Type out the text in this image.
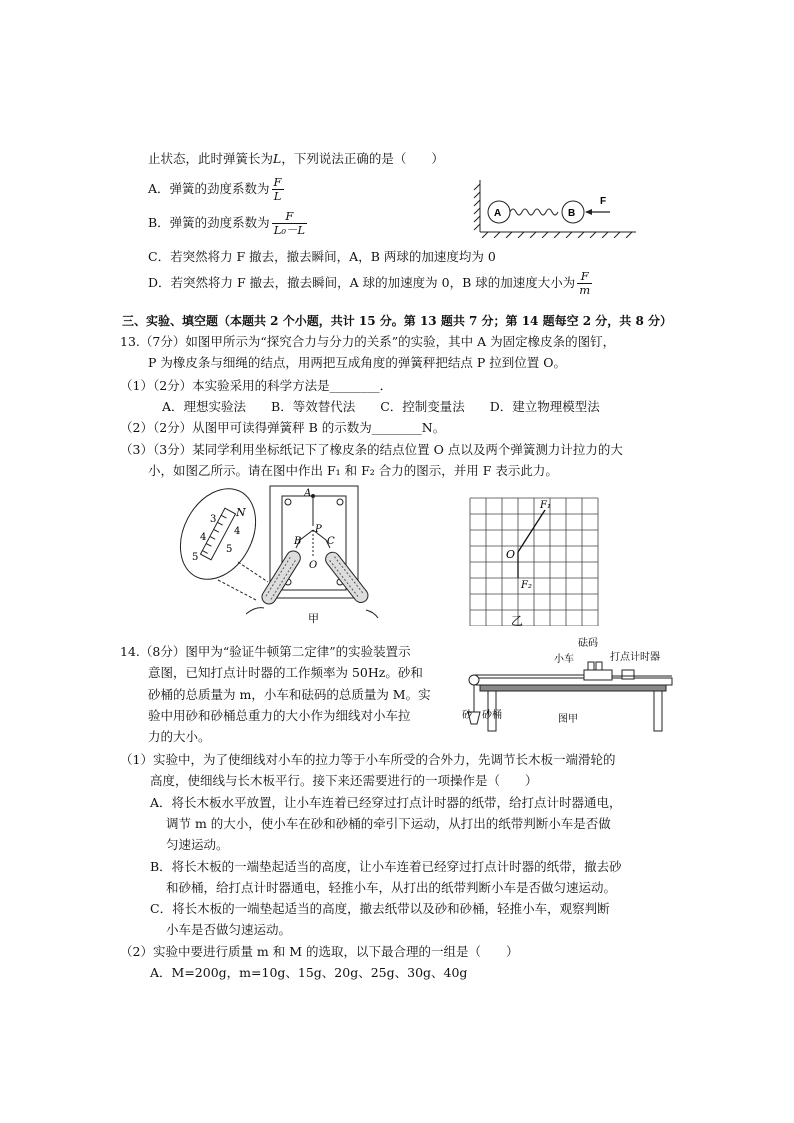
止状态，此时弹簧长为L，下列说法正确的是（　　）
A．弹簧的劲度系数为 $\frac{F}{L}$
B．弹簧的劲度系数为 $\frac{F}{\text{L₀－L}}$
C．若突然将力 F 撤去，撤去瞬间，A，B 两球的加速度均为 0
D．若突然将力 F 撤去，撤去瞬间，A 球的加速度为 0，B 球的加速度大小为 $\frac{F}{m}$
A	B
F
三、实验、填空题（本题共 2 个小题，共计 15 分。第 13 题共 7 分；第 14 题每空 2 分，共 8 分）
13.（7分）如图甲所示为“探究合力与分力的关系”的实验，其中 A 为固定橡皮条的图钉，
P 为橡皮条与细绳的结点，用两把互成角度的弹簧秤把结点 P 拉到位置 O。
（1）（2分）本实验采用的科学方法是________．
A．理想实验法　　B．等效替代法　　C．控制变量法　　D．建立物理模型法
（2）（2分）从图甲可读得弹簧秤 B 的示数为________N。
（3）（3分）某同学利用坐标纸记下了橡皮条的结点位置 O 点以及两个弹簧测力计拉力的大
小，如图乙所示。请在图中作出 F₁ 和 F₂ 合力的图示，并用 F 表示此力。
5
4
3
5
4
N
A
P
B	C
O
甲
O
F₁
F₂
乙
14.（8分）图甲为“验证牛顿第二定律”的实验装置示
意图，已知打点计时器的工作频率为 50Hz。砂和
砂桶的总质量为 m，小车和砝码的总质量为 M。实
验中用砂和砂桶总重力的大小作为细线对小车拉
力的大小。
砝码
小车	打点计时器
砂 砂桶	图甲
（1）实验中，为了使细线对小车的拉力等于小车所受的合外力，先调节长木板一端滑轮的
高度，使细线与长木板平行。接下来还需要进行的一项操作是（　　）
A．将长木板水平放置，让小车连着已经穿过打点计时器的纸带，给打点计时器通电，
调节 m 的大小，使小车在砂和砂桶的牵引下运动，从打出的纸带判断小车是否做
匀速运动。
B．将长木板的一端垫起适当的高度，让小车连着已经穿过打点计时器的纸带，撤去砂
和砂桶，给打点计时器通电，轻推小车，从打出的纸带判断小车是否做匀速运动。
C．将长木板的一端垫起适当的高度，撤去纸带以及砂和砂桶，轻推小车，观察判断
小车是否做匀速运动。
（2）实验中要进行质量 m 和 M 的选取，以下最合理的一组是（　　）
A．M=200g，m=10g、15g、20g、25g、30g、40g
